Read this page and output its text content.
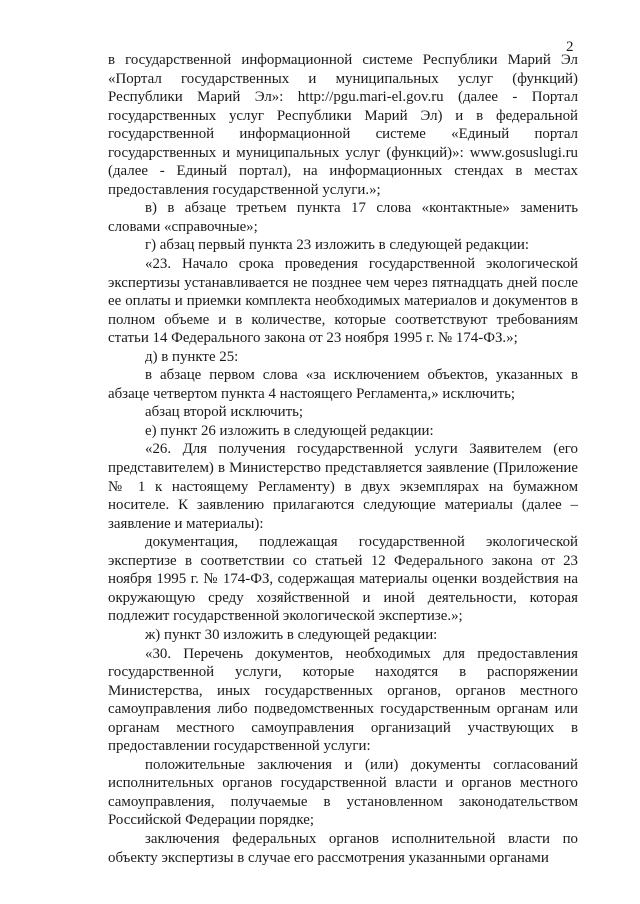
2

в государственной информационной системе Республики Марий Эл «Портал государственных и муниципальных услуг (функций) Республики Марий Эл»: http://pgu.mari-el.gov.ru (далее - Портал государственных услуг Республики Марий Эл) и в федеральной государственной информационной системе «Единый портал государственных и муниципальных услуг (функций)»: www.gosuslugi.ru (далее - Единый портал), на информационных стендах в местах предоставления государственной услуги.»;

в) в абзаце третьем пункта 17 слова «контактные» заменить словами «справочные»;

г) абзац первый пункта 23 изложить в следующей редакции:

«23. Начало срока проведения государственной экологической экспертизы устанавливается не позднее чем через пятнадцать дней после ее оплаты и приемки комплекта необходимых материалов и документов в полном объеме и в количестве, которые соответствуют требованиям статьи 14 Федерального закона от 23 ноября 1995 г. № 174-ФЗ.»;

д) в пункте 25:

в абзаце первом слова «за исключением объектов, указанных в абзаце четвертом пункта 4 настоящего Регламента,» исключить;

абзац второй исключить;

е) пункт 26 изложить в следующей редакции:

«26. Для получения государственной услуги Заявителем (его представителем) в Министерство представляется заявление (Приложение № 1 к настоящему Регламенту) в двух экземплярах на бумажном носителе. К заявлению прилагаются следующие материалы (далее – заявление и материалы):

документация, подлежащая государственной экологической экспертизе в соответствии со статьей 12 Федерального закона от 23 ноября 1995 г. № 174-ФЗ, содержащая материалы оценки воздействия на окружающую среду хозяйственной и иной деятельности, которая подлежит государственной экологической экспертизе.»;

ж) пункт 30 изложить в следующей редакции:

«30. Перечень документов, необходимых для предоставления государственной услуги, которые находятся в распоряжении Министерства, иных государственных органов, органов местного самоуправления либо подведомственных государственным органам или органам местного самоуправления организаций участвующих в предоставлении государственной услуги:

положительные заключения и (или) документы согласований исполнительных органов государственной власти и органов местного самоуправления, получаемые в установленном законодательством Российской Федерации порядке;

заключения федеральных органов исполнительной власти по объекту экспертизы в случае его рассмотрения указанными органами
